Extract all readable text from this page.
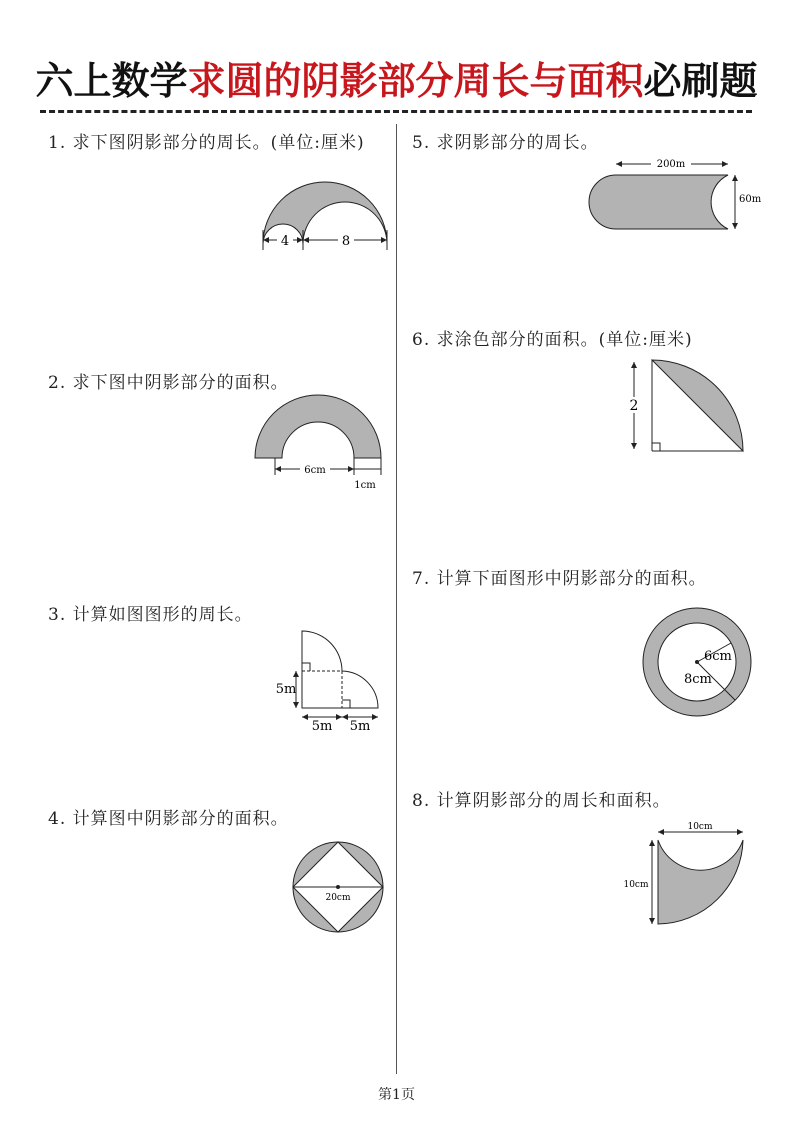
六上数学求圆的阴影部分周长与面积必刷题
1. 求下图阴影部分的周长。(单位:厘米)
4	8
2. 求下图中阴影部分的面积。
6cm
1cm
3. 计算如图图形的周长。
5m
5m 5m
4. 计算图中阴影部分的面积。
20cm
5. 求阴影部分的周长。
200m
60m
6. 求涂色部分的面积。(单位:厘米)
2
7. 计算下面图形中阴影部分的面积。
6cm
8cm
8. 计算阴影部分的周长和面积。
10cm
10cm
第1页
